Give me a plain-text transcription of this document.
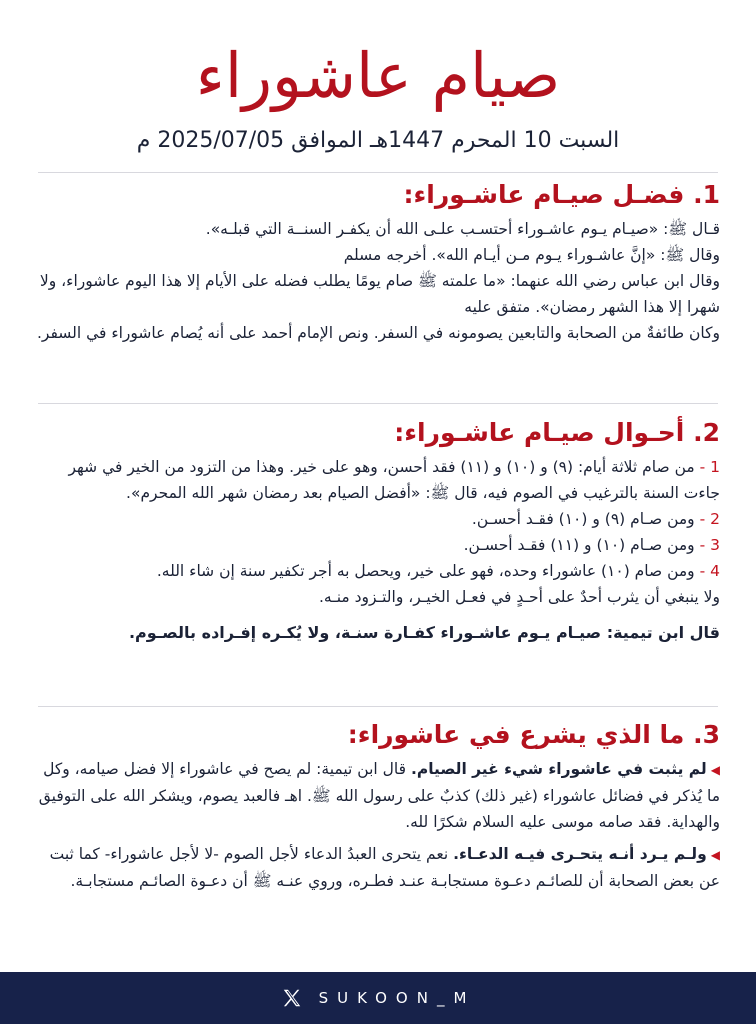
صيام عاشوراء
السبت 10 المحرم 1447هـ الموافق 2025/07/05 م
1. فضـل صيـام عاشـوراء:

قـال ﷺ: «صيـام يـوم عاشـوراء أحتسـب علـى الله أن يكفـر السنــة التي قبلـه».

وقال ﷺ: «إنَّ عاشـوراء يـوم مـن أيـام الله». أخرجه مسلم

وقال ابن عباس رضي الله عنهما: «ما علمته ﷺ صام يومًا يطلب فضله على الأيام إلا هذا اليوم عاشوراء، ولا شهرا إلا هذا الشهر رمضان». متفق عليه

وكان طائفةٌ من الصحابة والتابعين يصومونه في السفر. ونص الإمام أحمد على أنه يُصام عاشوراء في السفر.

2. أحـوال صيـام عاشـوراء:

1 - من صام ثلاثة أيام: (٩) و (١٠) و (١١) فقد أحسن، وهو على خير. وهذا من التزود من الخير في شهر جاءت السنة بالترغيب في الصوم فيه، قال ﷺ: «أفضل الصيام بعد رمضان شهر الله المحرم».

2 - ومن صـام (٩) و (١٠) فقـد أحسـن.

3 - ومن صـام (١٠) و (١١) فقـد أحسـن.

4 - ومن صام (١٠) عاشوراء وحده، فهو على خير، ويحصل به أجر تكفير سنة إن شاء الله.

ولا ينبغي أن يثرب أحدٌ على أحـدٍ في فعـل الخيـر، والتـزود منـه.

قال ابن تيمية: صيـام يـوم عاشـوراء كفـارة سنـة، ولا يُكـره إفـراده بالصـوم.
3. ما الذي يشرع في عاشوراء:

◀لم يثبت في عاشوراء شيء غير الصيام. قال ابن تيمية: لم يصح في عاشوراء إلا فضل صيامه، وكل ما يُذكر في فضائل عاشوراء (غير ذلك) كذبٌ على رسول الله ﷺ. اهـ فالعبد يصوم، ويشكر الله على التوفيق والهداية. فقد صامه موسى عليه السلام شكرًا لله.

◀ولـم يـرد أنـه يتحـرى فيـه الدعـاء. نعم يتحرى العبدُ الدعاء لأجل الصوم -لا لأجل عاشوراء- كما ثبت عن بعض الصحابة أن للصائـم دعـوة مستجابـة عنـد فطـره، وروي عنـه ﷺ أن دعـوة الصائـم مستجابـة.

SUKOON_M
